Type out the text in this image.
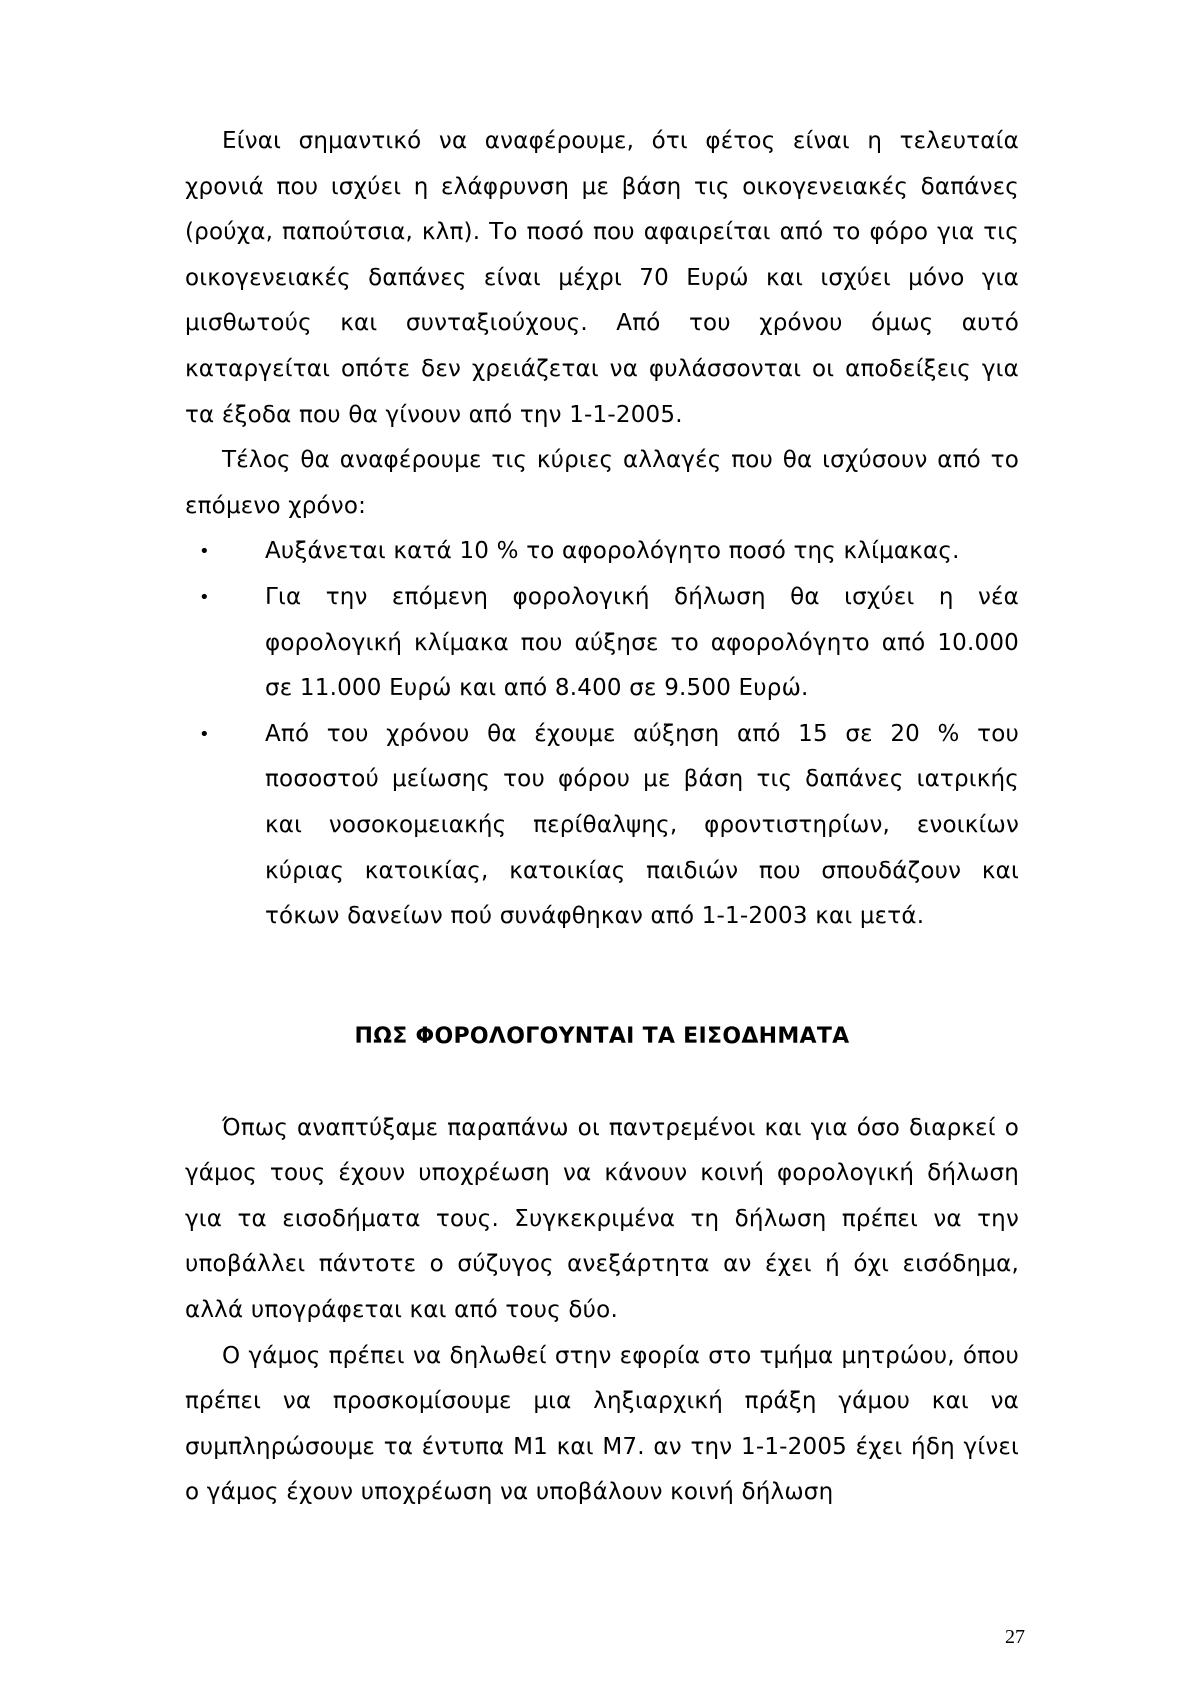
Είναι σημαντικό να αναφέρουμε, ότι φέτος είναι η τελευταία χρονιά που ισχύει η ελάφρυνση με βάση τις οικογενειακές δαπάνες (ρούχα, παπούτσια, κλπ). Το ποσό που αφαιρείται από το φόρο για τις οικογενειακές δαπάνες είναι μέχρι 70 Ευρώ και ισχύει μόνο για μισθωτούς και συνταξιούχους. Από του χρόνου όμως αυτό καταργείται οπότε δεν χρειάζεται να φυλάσσονται οι αποδείξεις για τα έξοδα που θα γίνουν από την 1-1-2005.

Τέλος θα αναφέρουμε τις κύριες αλλαγές που θα ισχύσουν από το επόμενο χρόνο:

• Αυξάνεται κατά 10 % το αφορολόγητο ποσό της κλίμακας.
• Για την επόμενη φορολογική δήλωση θα ισχύει η νέα φορολογική κλίμακα που αύξησε το αφορολόγητο από 10.000 σε 11.000 Ευρώ και από 8.400 σε 9.500 Ευρώ.
• Από του χρόνου θα έχουμε αύξηση από 15 σε 20 % του ποσοστού μείωσης του φόρου με βάση τις δαπάνες ιατρικής και νοσοκομειακής περίθαλψης, φροντιστηρίων, ενοικίων κύριας κατοικίας, κατοικίας παιδιών που σπουδάζουν και τόκων δανείων πού συνάφθηκαν από 1-1-2003 και μετά.
ΠΩΣ ΦΟΡΟΛΟΓΟΥΝΤΑΙ ΤΑ ΕΙΣΟΔΗΜΑΤΑ

Όπως αναπτύξαμε παραπάνω οι παντρεμένοι και για όσο διαρκεί ο γάμος τους έχουν υποχρέωση να κάνουν κοινή φορολογική δήλωση για τα εισοδήματα τους. Συγκεκριμένα τη δήλωση πρέπει να την υποβάλλει πάντοτε ο σύζυγος ανεξάρτητα αν έχει ή όχι εισόδημα, αλλά υπογράφεται και από τους δύο.

Ο γάμος πρέπει να δηλωθεί στην εφορία στο τμήμα μητρώου, όπου πρέπει να προσκομίσουμε μια ληξιαρχική πράξη γάμου και να συμπληρώσουμε τα έντυπα Μ1 και Μ7. αν την 1-1-2005 έχει ήδη γίνει ο γάμος έχουν υποχρέωση να υποβάλουν κοινή δήλωση

27
